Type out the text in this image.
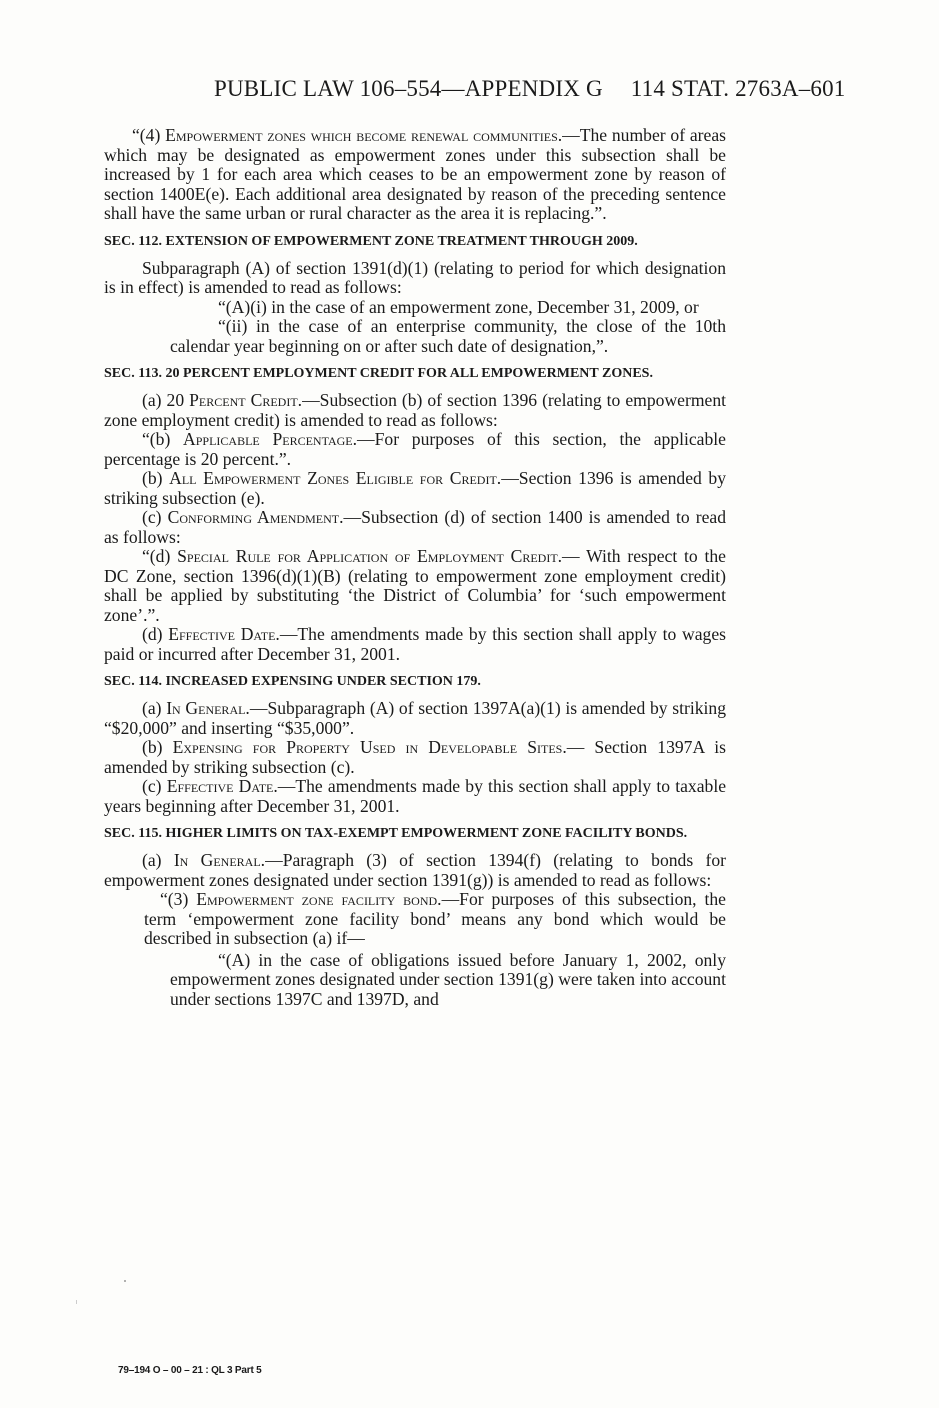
PUBLIC LAW 106–554—APPENDIX G 114 STAT. 2763A–601

“(4) Empowerment zones which become renewal communities.—The number of areas which may be designated as empowerment zones under this subsection shall be increased by 1 for each area which ceases to be an empowerment zone by reason of section 1400E(e). Each additional area designated by reason of the preceding sentence shall have the same urban or rural character as the area it is replacing.”.

SEC. 112. EXTENSION OF EMPOWERMENT ZONE TREATMENT THROUGH 2009.

Subparagraph (A) of section 1391(d)(1) (relating to period for which designation is in effect) is amended to read as follows:

“(A)(i) in the case of an empowerment zone, December 31, 2009, or

“(ii) in the case of an enterprise community, the close of the 10th calendar year beginning on or after such date of designation,”.

SEC. 113. 20 PERCENT EMPLOYMENT CREDIT FOR ALL EMPOWERMENT ZONES.

(a) 20 Percent Credit.—Subsection (b) of section 1396 (relating to empowerment zone employment credit) is amended to read as follows:

“(b) Applicable Percentage.—For purposes of this section, the applicable percentage is 20 percent.”.

(b) All Empowerment Zones Eligible for Credit.—Section 1396 is amended by striking subsection (e).

(c) Conforming Amendment.—Subsection (d) of section 1400 is amended to read as follows:

“(d) Special Rule for Application of Employment Credit.— With respect to the DC Zone, section 1396(d)(1)(B) (relating to empowerment zone employment credit) shall be applied by substituting ‘the District of Columbia’ for ‘such empowerment zone’.”.

(d) Effective Date.—The amendments made by this section shall apply to wages paid or incurred after December 31, 2001.

SEC. 114. INCREASED EXPENSING UNDER SECTION 179.

(a) In General.—Subparagraph (A) of section 1397A(a)(1) is amended by striking “$20,000” and inserting “$35,000”.

(b) Expensing for Property Used in Developable Sites.— Section 1397A is amended by striking subsection (c).

(c) Effective Date.—The amendments made by this section shall apply to taxable years beginning after December 31, 2001.

SEC. 115. HIGHER LIMITS ON TAX-EXEMPT EMPOWERMENT ZONE FACILITY BONDS.

(a) In General.—Paragraph (3) of section 1394(f) (relating to bonds for empowerment zones designated under section 1391(g)) is amended to read as follows:

“(3) Empowerment zone facility bond.—For purposes of this subsection, the term ‘empowerment zone facility bond’ means any bond which would be described in subsection (a) if—

“(A) in the case of obligations issued before January 1, 2002, only empowerment zones designated under section 1391(g) were taken into account under sections 1397C and 1397D, and

79–194 O – 00 – 21 : QL 3 Part 5
